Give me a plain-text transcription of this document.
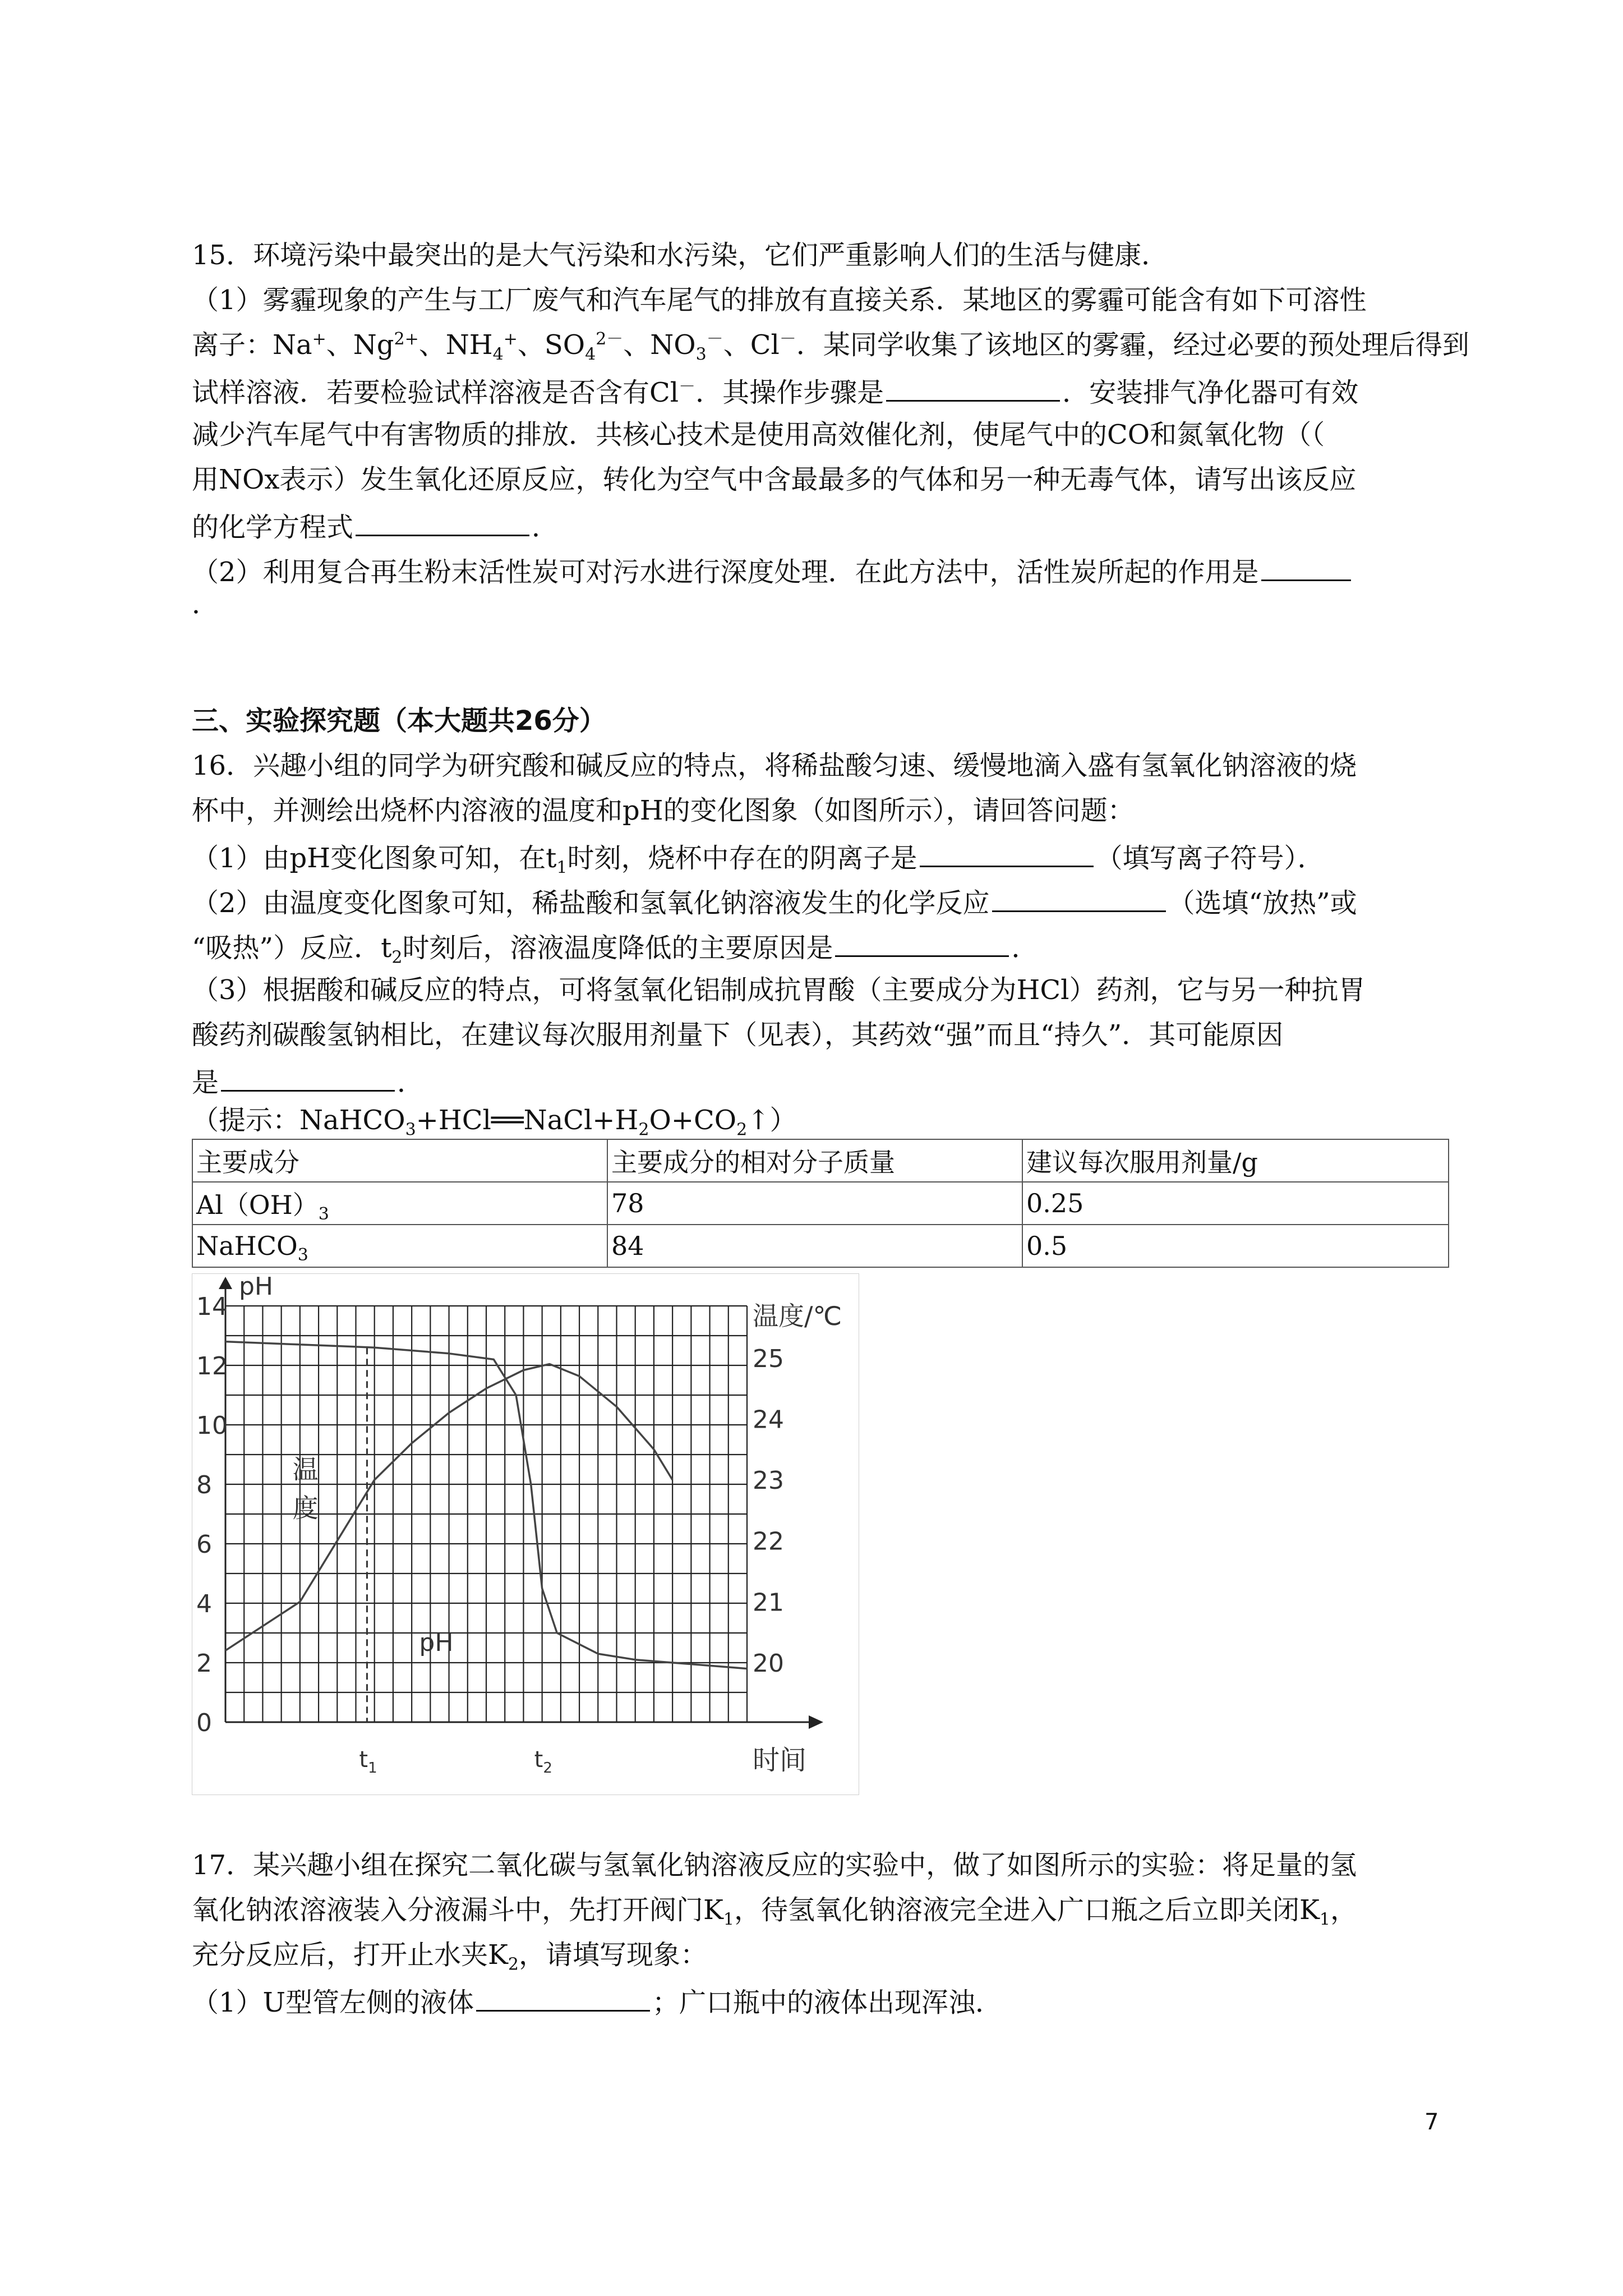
15．环境污染中最突出的是大气污染和水污染，它们严重影响人们的生活与健康．
（1）雾霾现象的产生与工厂废气和汽车尾气的排放有直接关系．某地区的雾霾可能含有如下可溶性
离子：Na+、$Ng^{2+}$、$NH_4^+$、$SO_4^{2-}$、$NO_3^-$、Cl－．某同学收集了该地区的雾霾，经过必要的预处理后得到
试样溶液．若要检验试样溶液是否含有Cl－．其操作步骤是	．安装排气净化器可有效
减少汽车尾气中有害物质的排放．共核心技术是使用高效催化剂，使尾气中的CO和氮氧化物（（
用NOx表示）发生氧化还原反应，转化为空气中含最最多的气体和另一种无毒气体，请写出该反应
的化学方程式	．
（2）利用复合再生粉末活性炭可对污水进行深度处理．在此方法中，活性炭所起的作用是
．
三、实验探究题（本大题共26分）
16．兴趣小组的同学为研究酸和碱反应的特点，将稀盐酸匀速、缓慢地滴入盛有氢氧化钠溶液的烧
杯中，并测绘出烧杯内溶液的温度和pH的变化图象（如图所示），请回答问题：
（1）由pH变化图象可知，在$t_1$时刻，烧杯中存在的阴离子是	（填写离子符号）．
（2）由温度变化图象可知，稀盐酸和氢氧化钠溶液发生的化学反应	（选填“放热”或
“吸热”）反应．$t_2$时刻后，溶液温度降低的主要原因是	．
（3）根据酸和碱反应的特点，可将氢氧化铝制成抗胃酸（主要成分为HCl）药剂，它与另一种抗胃
酸药剂碳酸氢钠相比，在建议每次服用剂量下（见表），其药效“强”而且“持久”．其可能原因
是	．
（提示：$NaHCO_3+HCl══NaCl+H_2O+CO_2↑$）
主要成分	主要成分的相对分子质量	建议每次服用剂量/g
$Al(OH)_3$	78	0.25
NaHCO$_3$	84	0.5
0
2
4
6
8
10
12
14
pH
温度/℃
20
21
22
23
24
25
时间
$t_1$	$t_2$
pH
温
度
17．某兴趣小组在探究二氧化碳与氢氧化钠溶液反应的实验中，做了如图所示的实验：将足量的氢
氧化钠浓溶液装入分液漏斗中，先打开阀门$K_1$，待氢氧化钠溶液完全进入广口瓶之后立即关闭$K_1$，
充分反应后，打开止水夹$K_2$，请填写现象：
（1）U型管左侧的液体	；广口瓶中的液体出现浑浊．
7
